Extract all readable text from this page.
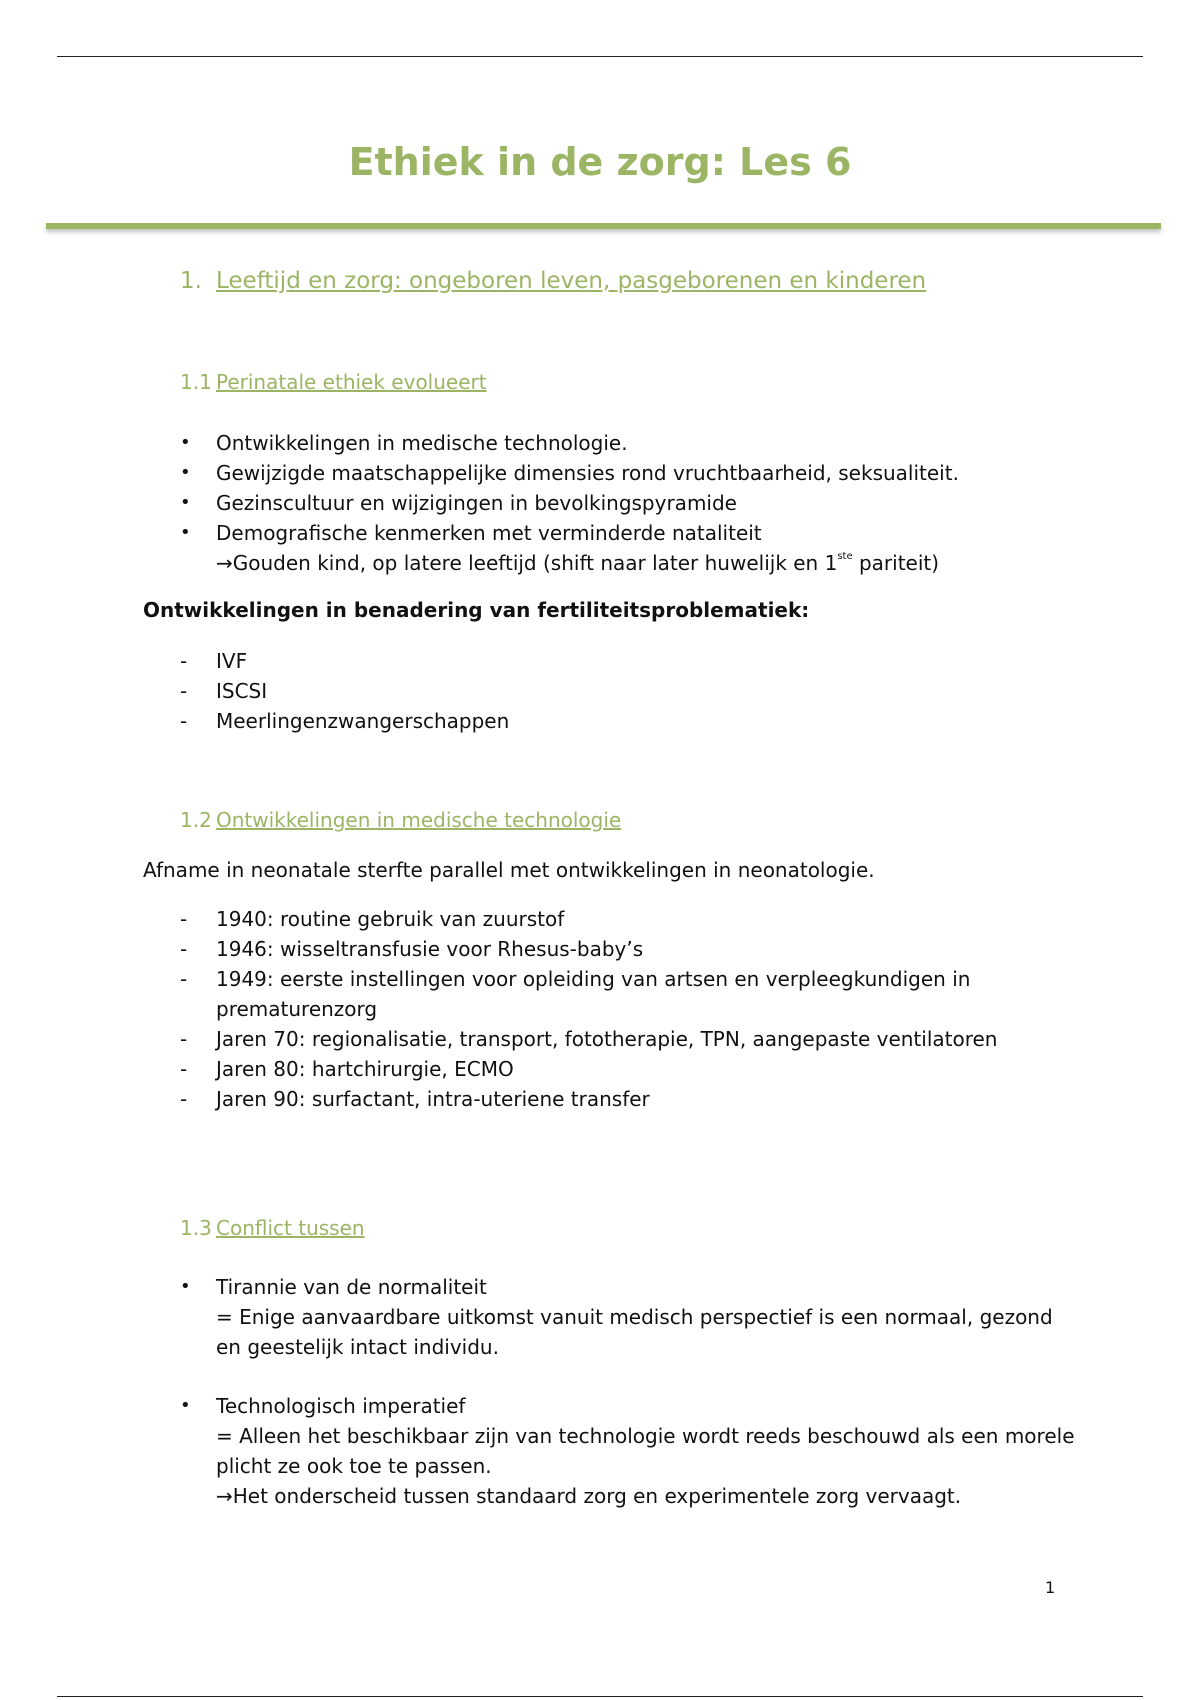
Ethiek in de zorg: Les 6
1. Leeftijd en zorg: ongeboren leven, pasgeborenen en kinderen
1.1 Perinatale ethiek evolueert
•	Ontwikkelingen in medische technologie.
•	Gewijzigde maatschappelijke dimensies rond vruchtbaarheid, seksualiteit.
•	Gezinscultuur en wijzigingen in bevolkingspyramide
•	Demografische kenmerken met verminderde nataliteit
→Gouden kind, op latere leeftijd (shift naar later huwelijk en 1ste pariteit)
Ontwikkelingen in benadering van fertiliteitsproblematiek:
-	IVF
-	ISCSI
-	Meerlingenzwangerschappen
1.2 Ontwikkelingen in medische technologie
Afname in neonatale sterfte parallel met ontwikkelingen in neonatologie.
-	1940: routine gebruik van zuurstof
-	1946: wisseltransfusie voor Rhesus-baby’s
-	1949: eerste instellingen voor opleiding van artsen en verpleegkundigen in prematurenzorg
-	Jaren 70: regionalisatie, transport, fototherapie, TPN, aangepaste ventilatoren
-	Jaren 80: hartchirurgie, ECMO
-	Jaren 90: surfactant, intra-uteriene transfer
1.3 Conflict tussen
•	Tirannie van de normaliteit
= Enige aanvaardbare uitkomst vanuit medisch perspectief is een normaal, gezond en geestelijk intact individu.
•	Technologisch imperatief
= Alleen het beschikbaar zijn van technologie wordt reeds beschouwd als een morele plicht ze ook toe te passen.
→Het onderscheid tussen standaard zorg en experimentele zorg vervaagt.
1
